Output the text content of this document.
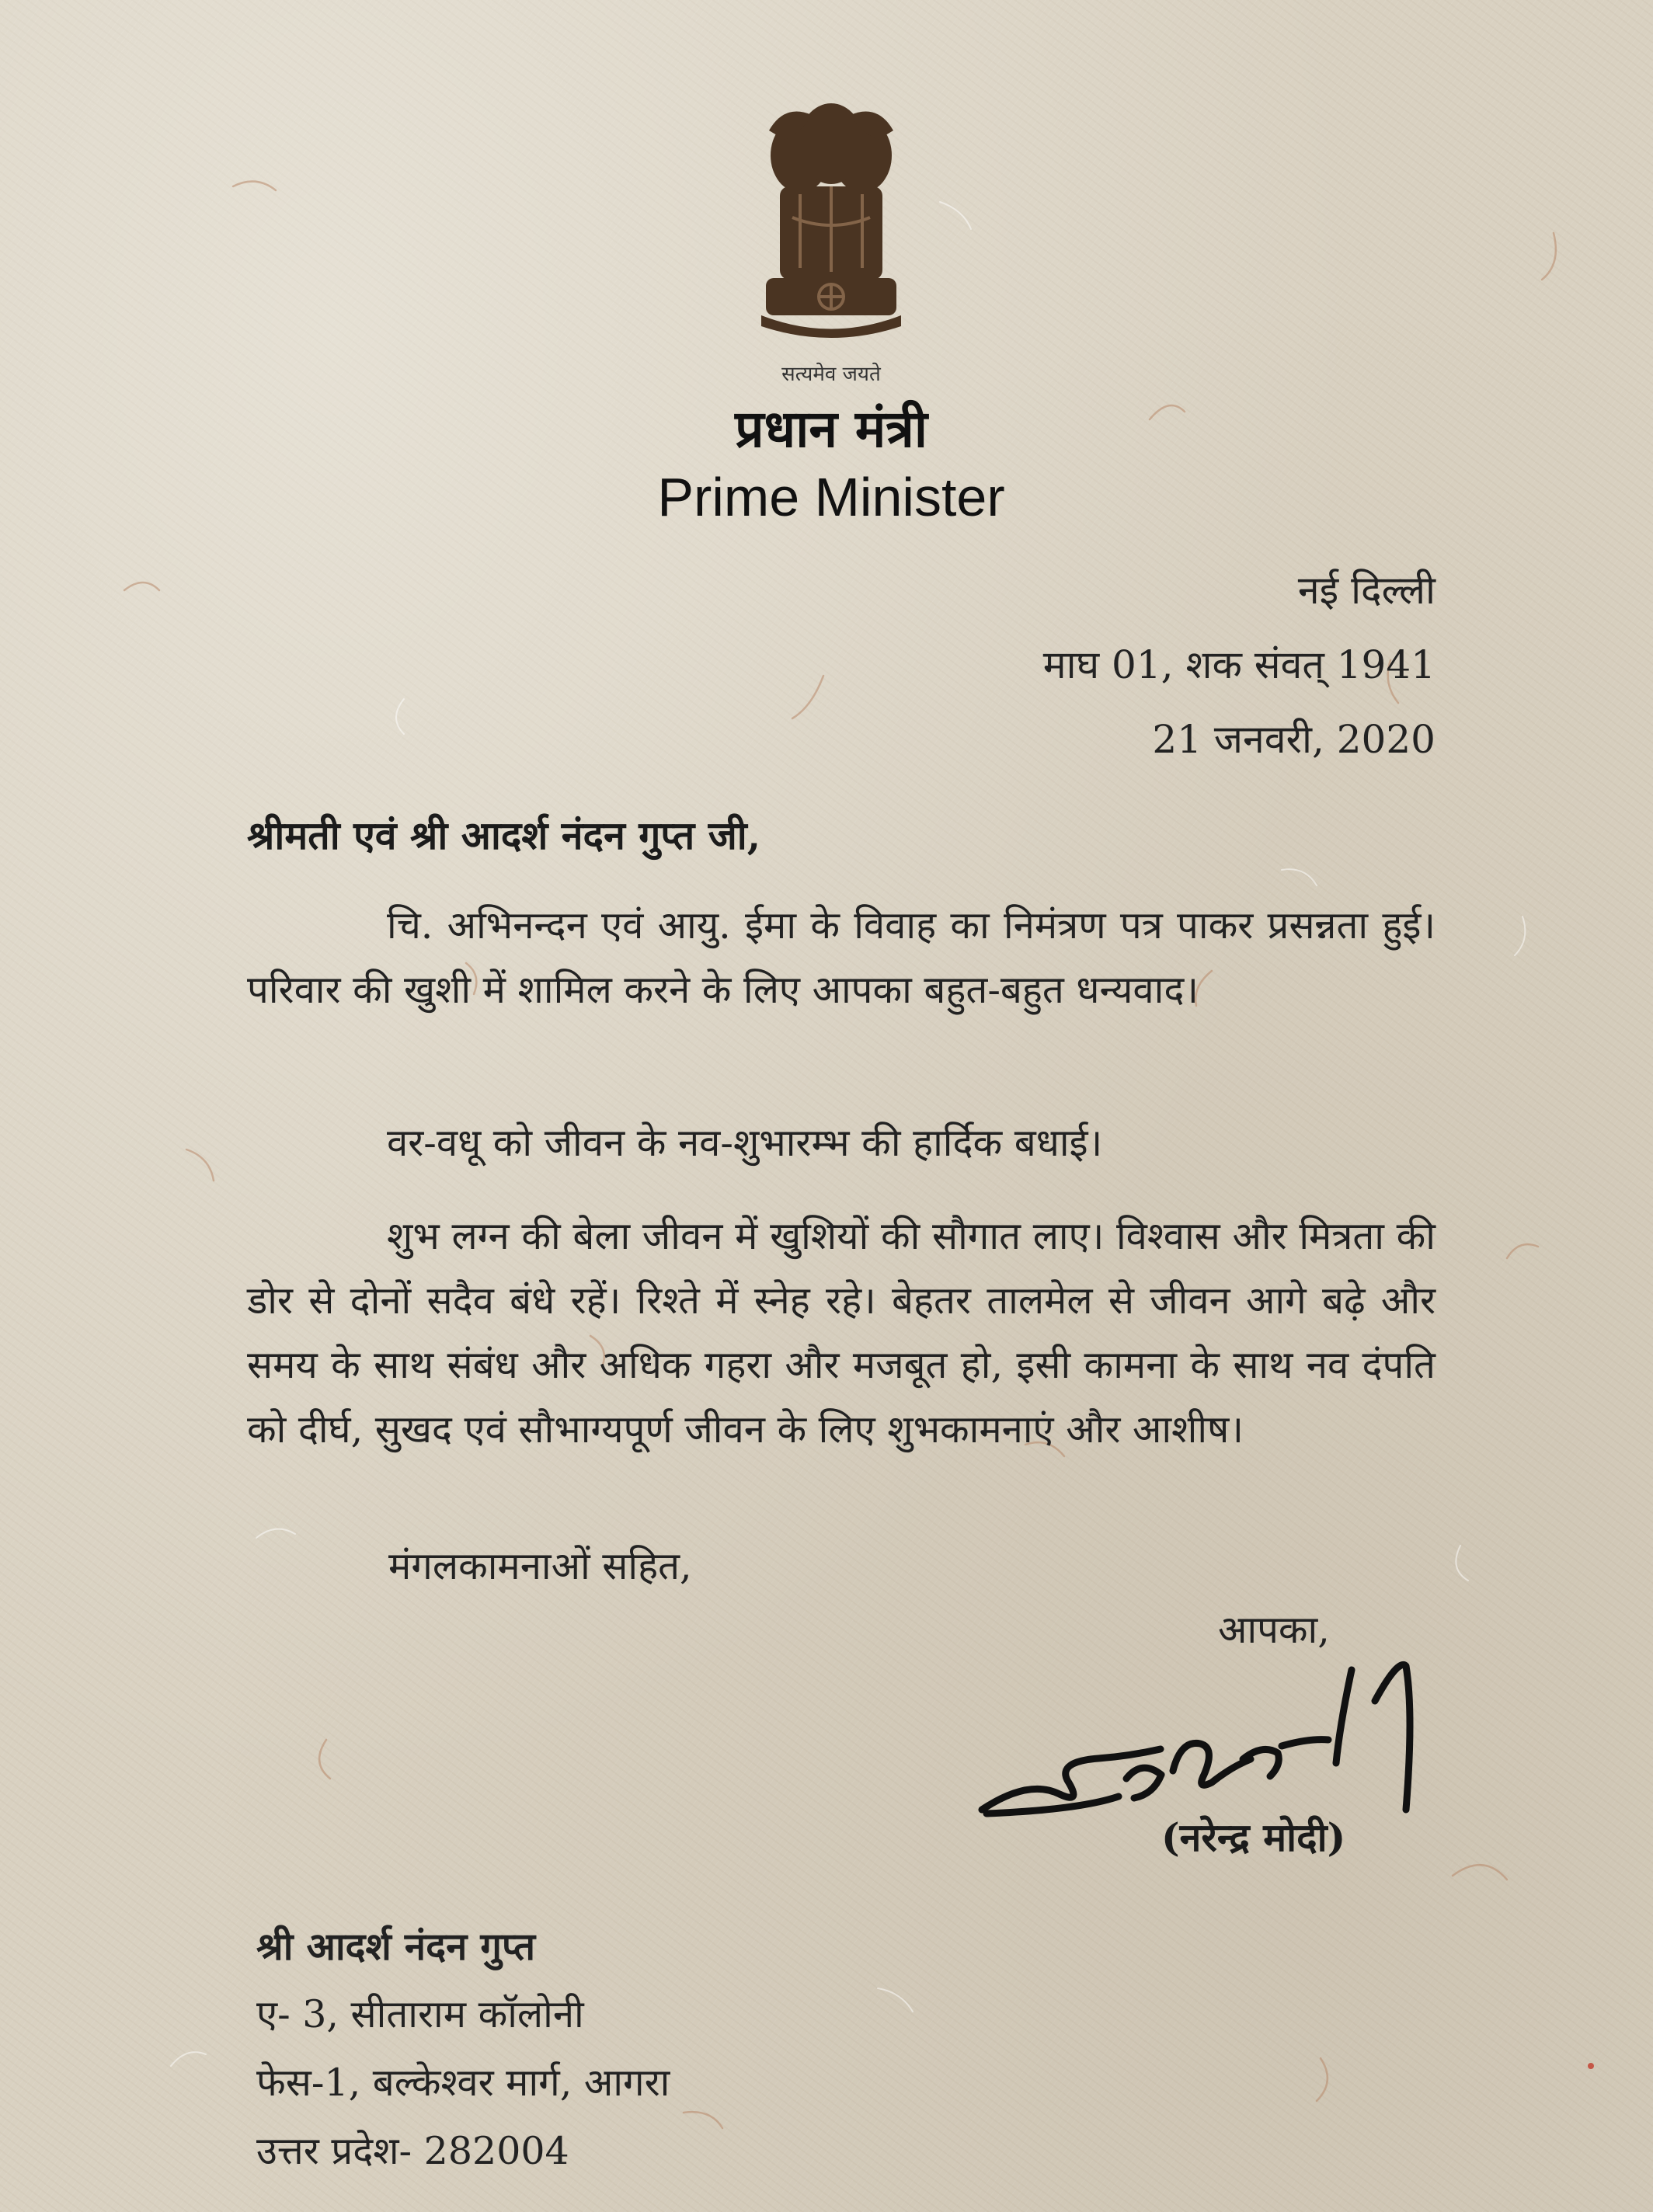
सत्यमेव जयते
प्रधान मंत्री
Prime Minister
नई दिल्ली
माघ 01, शक संवत् 1941
21 जनवरी, 2020
श्रीमती एवं श्री आदर्श नंदन गुप्त जी,
चि. अभिनन्दन एवं आयु. ईमा के विवाह का निमंत्रण पत्र पाकर प्रसन्नता हुई। परिवार की खुशी में शामिल करने के लिए आपका बहुत-बहुत धन्यवाद।
वर-वधू को जीवन के नव-शुभारम्भ की हार्दिक बधाई।
शुभ लग्न की बेला जीवन में खुशियों की सौगात लाए। विश्वास और मित्रता की डोर से दोनों सदैव बंधे रहें। रिश्ते में स्नेह रहे। बेहतर तालमेल से जीवन आगे बढ़े और समय के साथ संबंध और अधिक गहरा और मजबूत हो, इसी कामना के साथ नव दंपति को दीर्घ, सुखद एवं सौभाग्यपूर्ण जीवन के लिए शुभकामनाएं और आशीष।
मंगलकामनाओं सहित,
आपका,
(नरेन्द्र मोदी)
श्री आदर्श नंदन गुप्त
ए- 3, सीताराम कॉलोनी
फेस-1, बल्केश्वर मार्ग, आगरा
उत्तर प्रदेश- 282004
